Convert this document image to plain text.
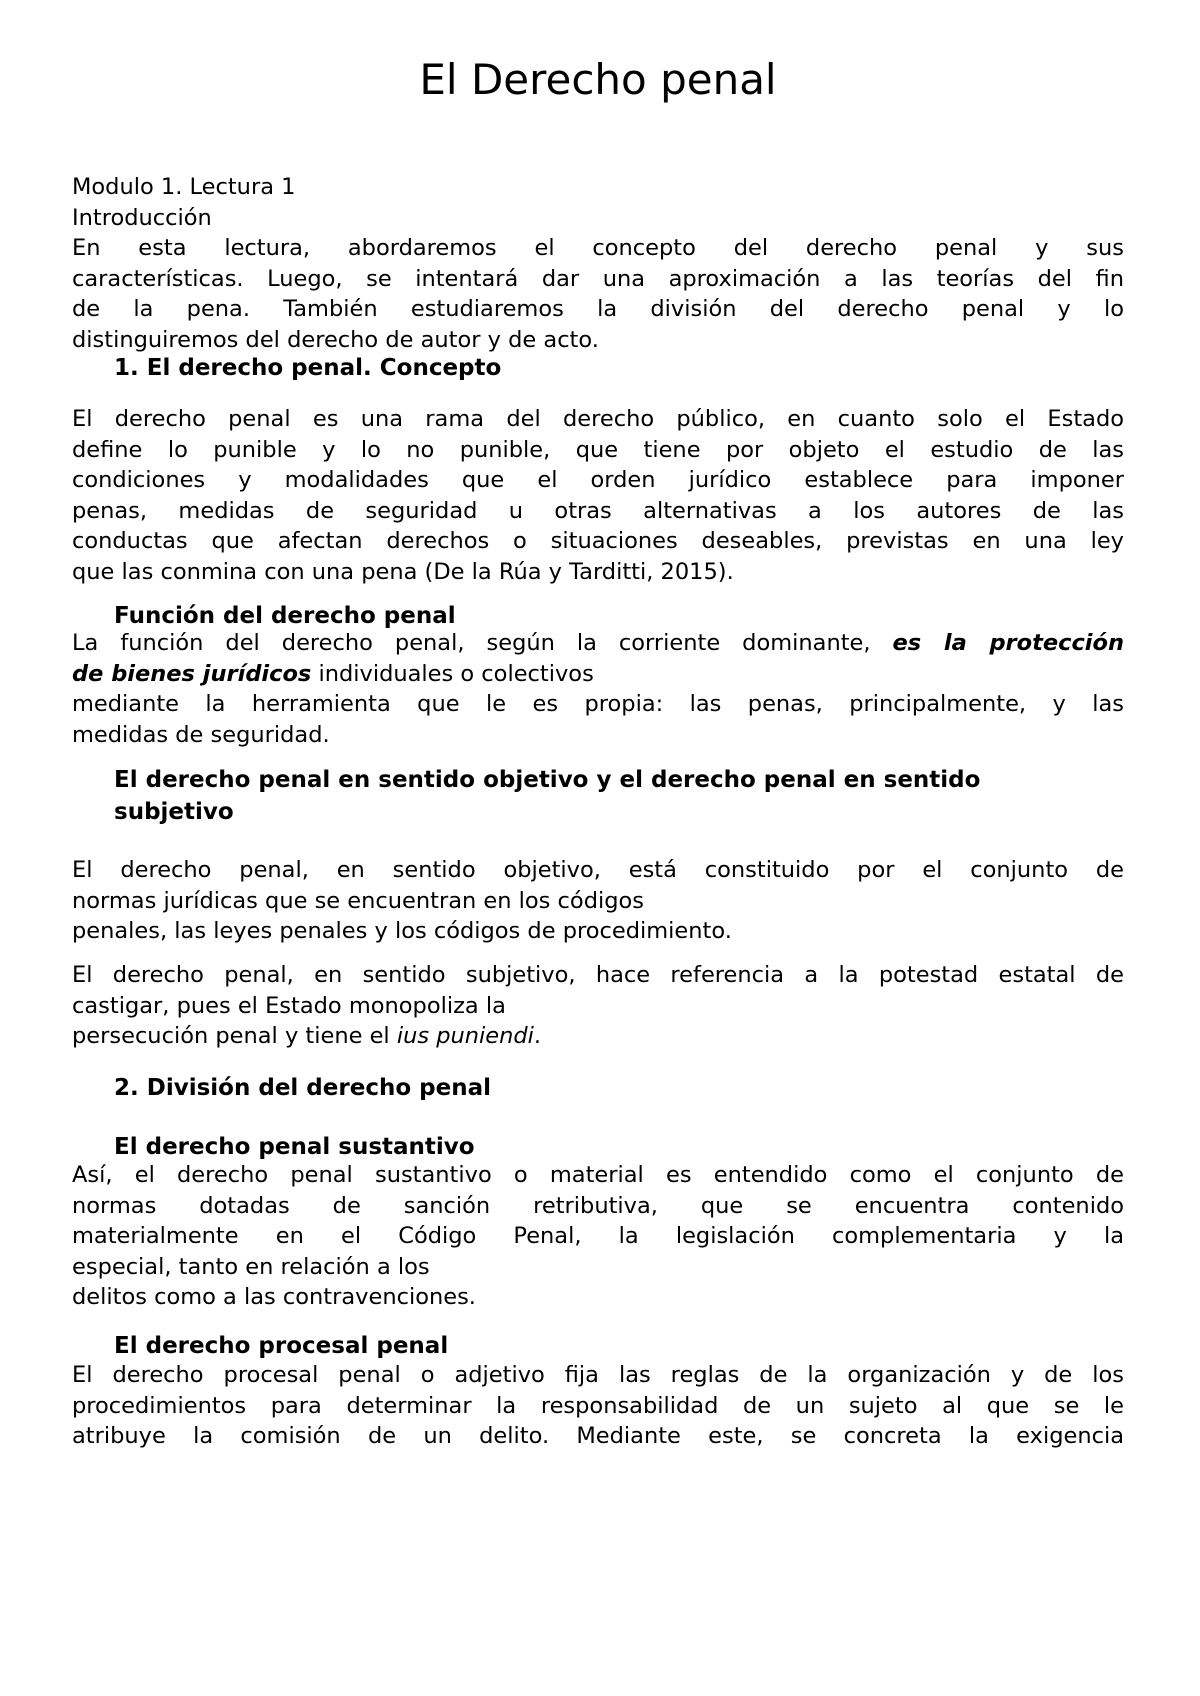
El Derecho penal

Modulo 1. Lectura 1

Introducción

En esta lectura, abordaremos el concepto del derecho penal y sus

características. Luego, se intentará dar una aproximación a las teorías del fin

de la pena. También estudiaremos la división del derecho penal y lo

distinguiremos del derecho de autor y de acto.

1. El derecho penal. Concepto

El derecho penal es una rama del derecho público, en cuanto solo el Estado

define lo punible y lo no punible, que tiene por objeto el estudio de las

condiciones y modalidades que el orden jurídico establece para imponer

penas, medidas de seguridad u otras alternativas a los autores de las

conductas que afectan derechos o situaciones deseables, previstas en una ley

que las conmina con una pena (De la Rúa y Tarditti, 2015).

Función del derecho penal

La función del derecho penal, según la corriente dominante, es la protección

de bienes jurídicos individuales o colectivos

mediante la herramienta que le es propia: las penas, principalmente, y las

medidas de seguridad.

El derecho penal en sentido objetivo y el derecho penal en sentido
subjetivo

El derecho penal, en sentido objetivo, está constituido por el conjunto de

normas jurídicas que se encuentran en los códigos

penales, las leyes penales y los códigos de procedimiento.

El derecho penal, en sentido subjetivo, hace referencia a la potestad estatal de

castigar, pues el Estado monopoliza la

persecución penal y tiene el ius puniendi.

2. División del derecho penal
El derecho penal sustantivo

Así, el derecho penal sustantivo o material es entendido como el conjunto de

normas dotadas de sanción retributiva, que se encuentra contenido

materialmente en el Código Penal, la legislación complementaria y la

especial, tanto en relación a los

delitos como a las contravenciones.

El derecho procesal penal

El derecho procesal penal o adjetivo fija las reglas de la organización y de los

procedimientos para determinar la responsabilidad de un sujeto al que se le

atribuye la comisión de un delito. Mediante este, se concreta la exigencia
